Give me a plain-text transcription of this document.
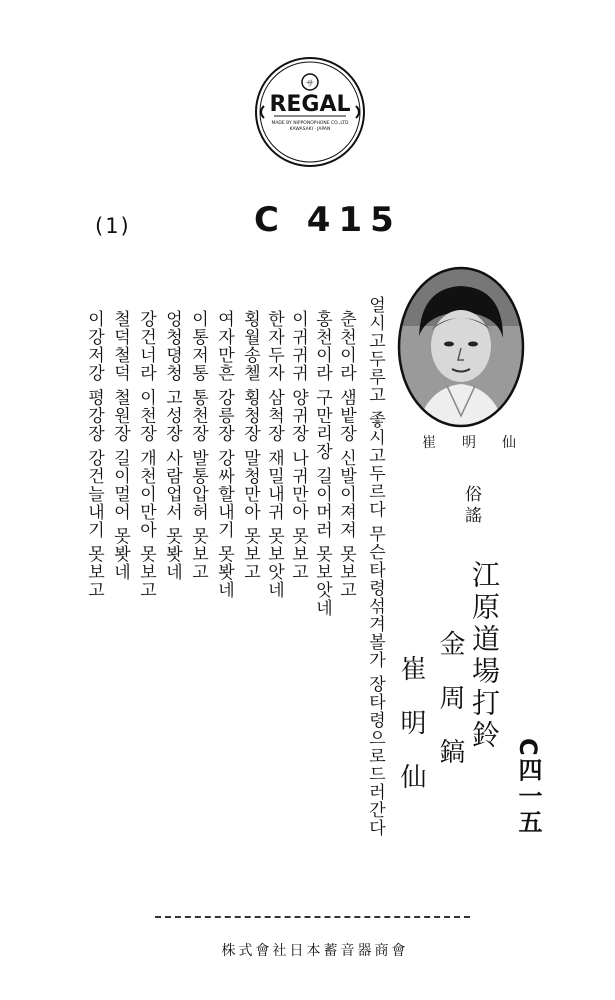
サ
REGAL
MADE BY NIPPONOPHONE CO.,LTD
KAWASAKI · JAPAN
(1)	C 415
崔明仙
얼시고두루고 좋시고두르다 무슨타령섞겨볼가 장타령으로드러간다
춘천이라 샘밭장 신발이져져 못보고
홍천이라 구만리장 길이머러 못보앗네
이귀귀귀 양귀장 나귀만아 못보고
한자두자 삼척장 재밀내귀 못보앗네
횡월송첼 횡청장 말청만아 못보고
여자만흔 강릉장 강싸할내기 못봣네
이통저통 통천장 발통압허 못보고
엉청뎡청 고성장 사람업서 못봣네
강건너라 이천장 개천이만아 못보고
철덕철덕 철원장 길이멀어 못봣네
이강저강 평강장 강건늘내기 못보고	俗謠
江原道場打鈴
金周鎬
崔明仙	C四一五
株式會社日本蓄音器商會
